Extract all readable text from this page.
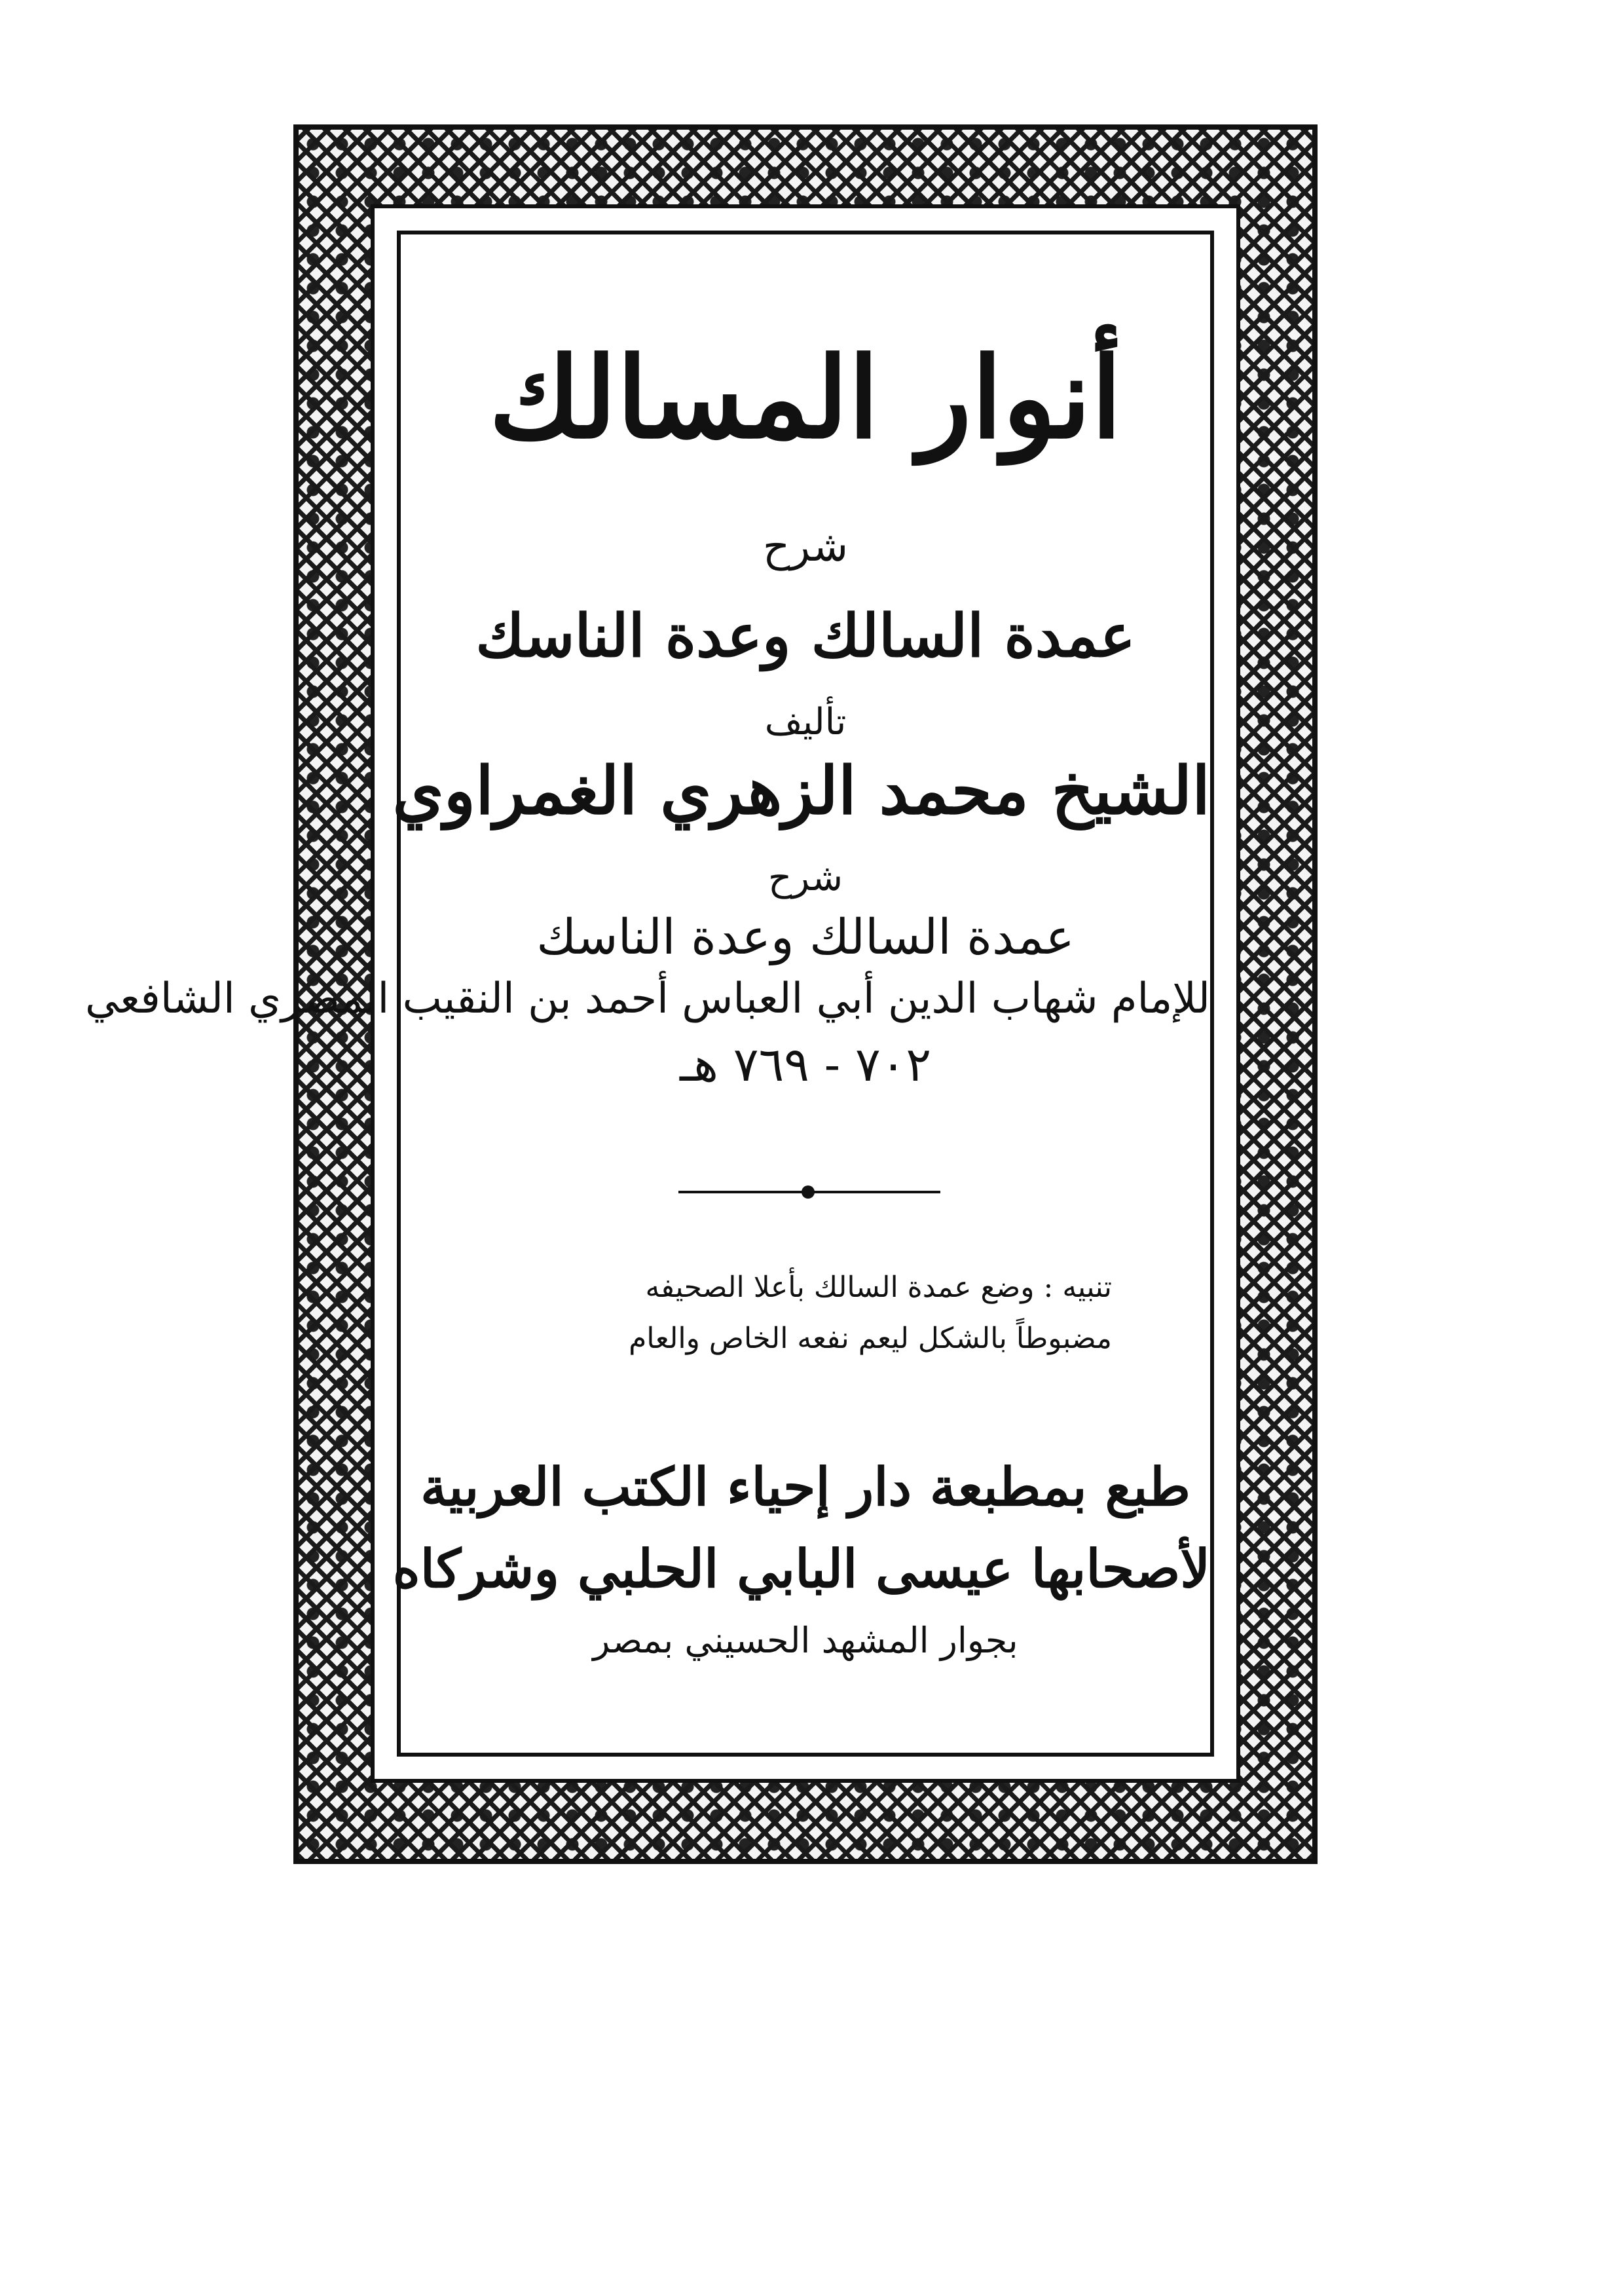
أنوار المسالك
شرح
عمدة السالك وعدة الناسك
تأليف
الشيخ محمد الزهري الغمراوي
شرح
عمدة السالك وعدة الناسك
للإمام شهاب الدين أبي العباس أحمد بن النقيب المصري الشافعي
٧٠٢ - ٧٦٩ هـ
تنبيه : وضع عمدة السالك بأعلا الصحيفه
مضبوطاً بالشكل ليعم نفعه الخاص والعام
طبع بمطبعة دار إحياء الكتب العربية
لأصحابها عيسى البابي الحلبي وشركاه
بجوار المشهد الحسيني بمصر
